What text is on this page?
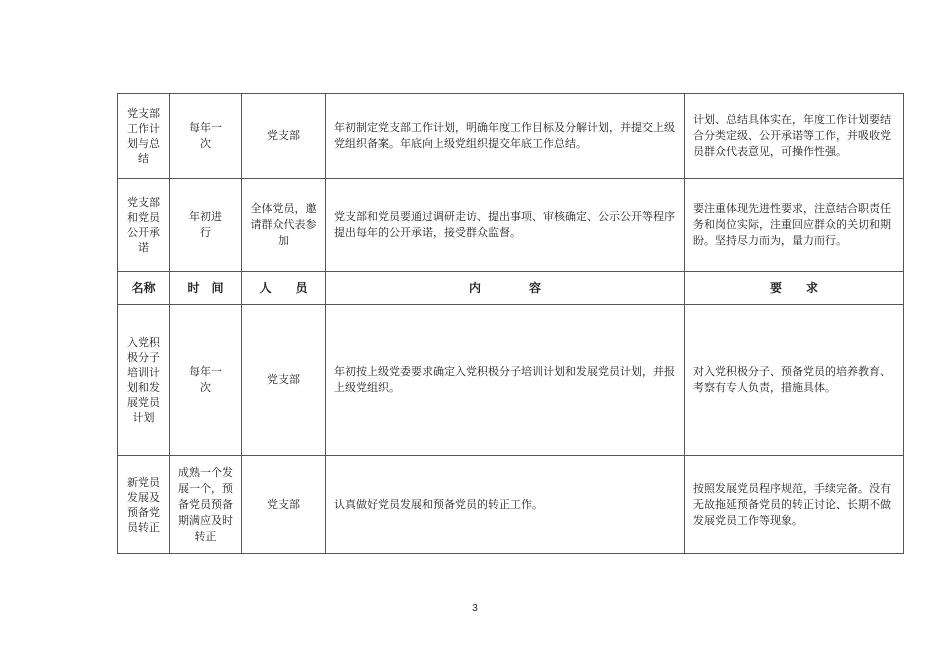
党支部工作计划与总结	每年一次	党支部	年初制定党支部工作计划，明确年度工作目标及分解计划，并提交上级党组织备案。年底向上级党组织提交年底工作总结。	计划、总结具体实在，年度工作计划要结合分类定级、公开承诺等工作，并吸收党员群众代表意见，可操作性强。
党支部和党员公开承诺	年初进行	全体党员，邀请群众代表参加	党支部和党员要通过调研走访、提出事项、审核确定、公示公开等程序提出每年的公开承诺，接受群众监督。	要注重体现先进性要求，注意结合职责任务和岗位实际，注重回应群众的关切和期盼。坚持尽力而为，量力而行。
名称	时　间	人　　员	内　　　　容	要　　求
入党积极分子培训计划和发展党员计划	每年一次	党支部	年初按上级党委要求确定入党积极分子培训计划和发展党员计划，并报上级党组织。	对入党积极分子、预备党员的培养教育、考察有专人负责，措施具体。
新党员发展及预备党员转正	成熟一个发展一个，预备党员预备期满应及时转正	党支部	认真做好党员发展和预备党员的转正工作。	按照发展党员程序规范，手续完备。没有无故拖延预备党员的转正讨论、长期不做发展党员工作等现象。
3
